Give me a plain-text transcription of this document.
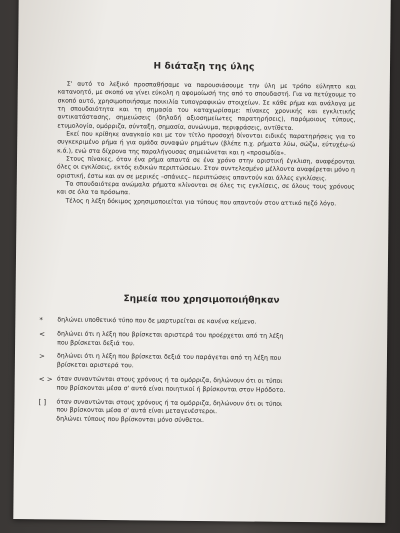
Η διάταξη της ύλης

Σ' αυτό το λεξικό προσπαθήσαμε να παρουσιάσουμε την ύλη με τρόπο εύληπτο και κατανοητό, με σκοπό να γίνει εύκολη η αφομοίωσή της από το σπουδαστή. Για να πετύχουμε το σκοπό αυτό, χρησιμοποιήσαμε ποικιλία τυπογραφικών στοιχείων. Σε κάθε ρήμα και ανάλογα με τη σπουδαιότητα και τη σημασία του καταχωρίσαμε: πίνακες χρονικής και εγκλιτικής αντικατάστασης, σημειώσεις (δηλαδή αξιοσημείωτες παρατηρήσεις), παρόμοιους τύπους, ετυμολογία, ομόρριζα, σύνταξη, σημασία, συνώνυμα, περιφράσεις, αντίθετα.

Εκεί που κρίθηκε αναγκαίο και με τον τίτλο προσοχή δίνονται ειδικές παρατηρήσεις για το συγκεκριμένο ρήμα ή για ομάδα συναφών ρημάτων (βλέπε π.χ. ρήματα λύω, σώζω, εύτυχέω-ώ κ.ά.), ενώ στα δίχρονα της παραλήγουσας σημειώνεται και η «προσωδία».

Στους πίνακες, όταν ένα ρήμα απαντά σε ένα χρόνο στην οριστική έγκλιση, αναφέρονται όλες οι εγκλίσεις, εκτός ειδικών περιπτώσεων. Στον συντελεσμένο μέλλοντα αναφέρεται μόνο η οριστική, έστω και αν σε μερικές –σπάνιες– περιπτώσεις απαντούν και άλλες εγκλίσεις.

Τα σπουδαιότερα ανώμαλα ρήματα κλίνονται σε όλες τις εγκλίσεις, σε όλους τους χρόνους και σε όλα τα πρόσωπα.

Τέλος η λέξη δόκιμος χρησιμοποιείται για τύπους που απαντούν στον αττικό πεζό λόγο.

Σημεία που χρησιμοποιήθηκαν
*	δηλώνει υποθετικό τύπο που δε μαρτυρείται σε κανένα κείμενο.
<	δηλώνει ότι η λέξη που βρίσκεται αριστερά του προέρχεται από τη λέξη
που βρίσκεται δεξιά του.
>	δηλώνει ότι η λέξη που βρίσκεται δεξιά του παράγεται από τη λέξη που
βρίσκεται αριστερά του.
< > όταν συναντώνται στους χρόνους ή τα ομόρριζα, δηλώνουν ότι οι τύποι
που βρίσκονται μέσα σ' αυτά είναι ποιητικοί ή βρίσκονται στον Ηρόδοτο.
[ ]	όταν συναντώνται στους χρόνους ή τα ομόρριζα, δηλώνουν ότι οι τύποι
που βρίσκονται μέσα σ' αυτά είναι μεταγενέστεροι.
δηλώνει τύπους που βρίσκονται μόνο σύνθετοι.
